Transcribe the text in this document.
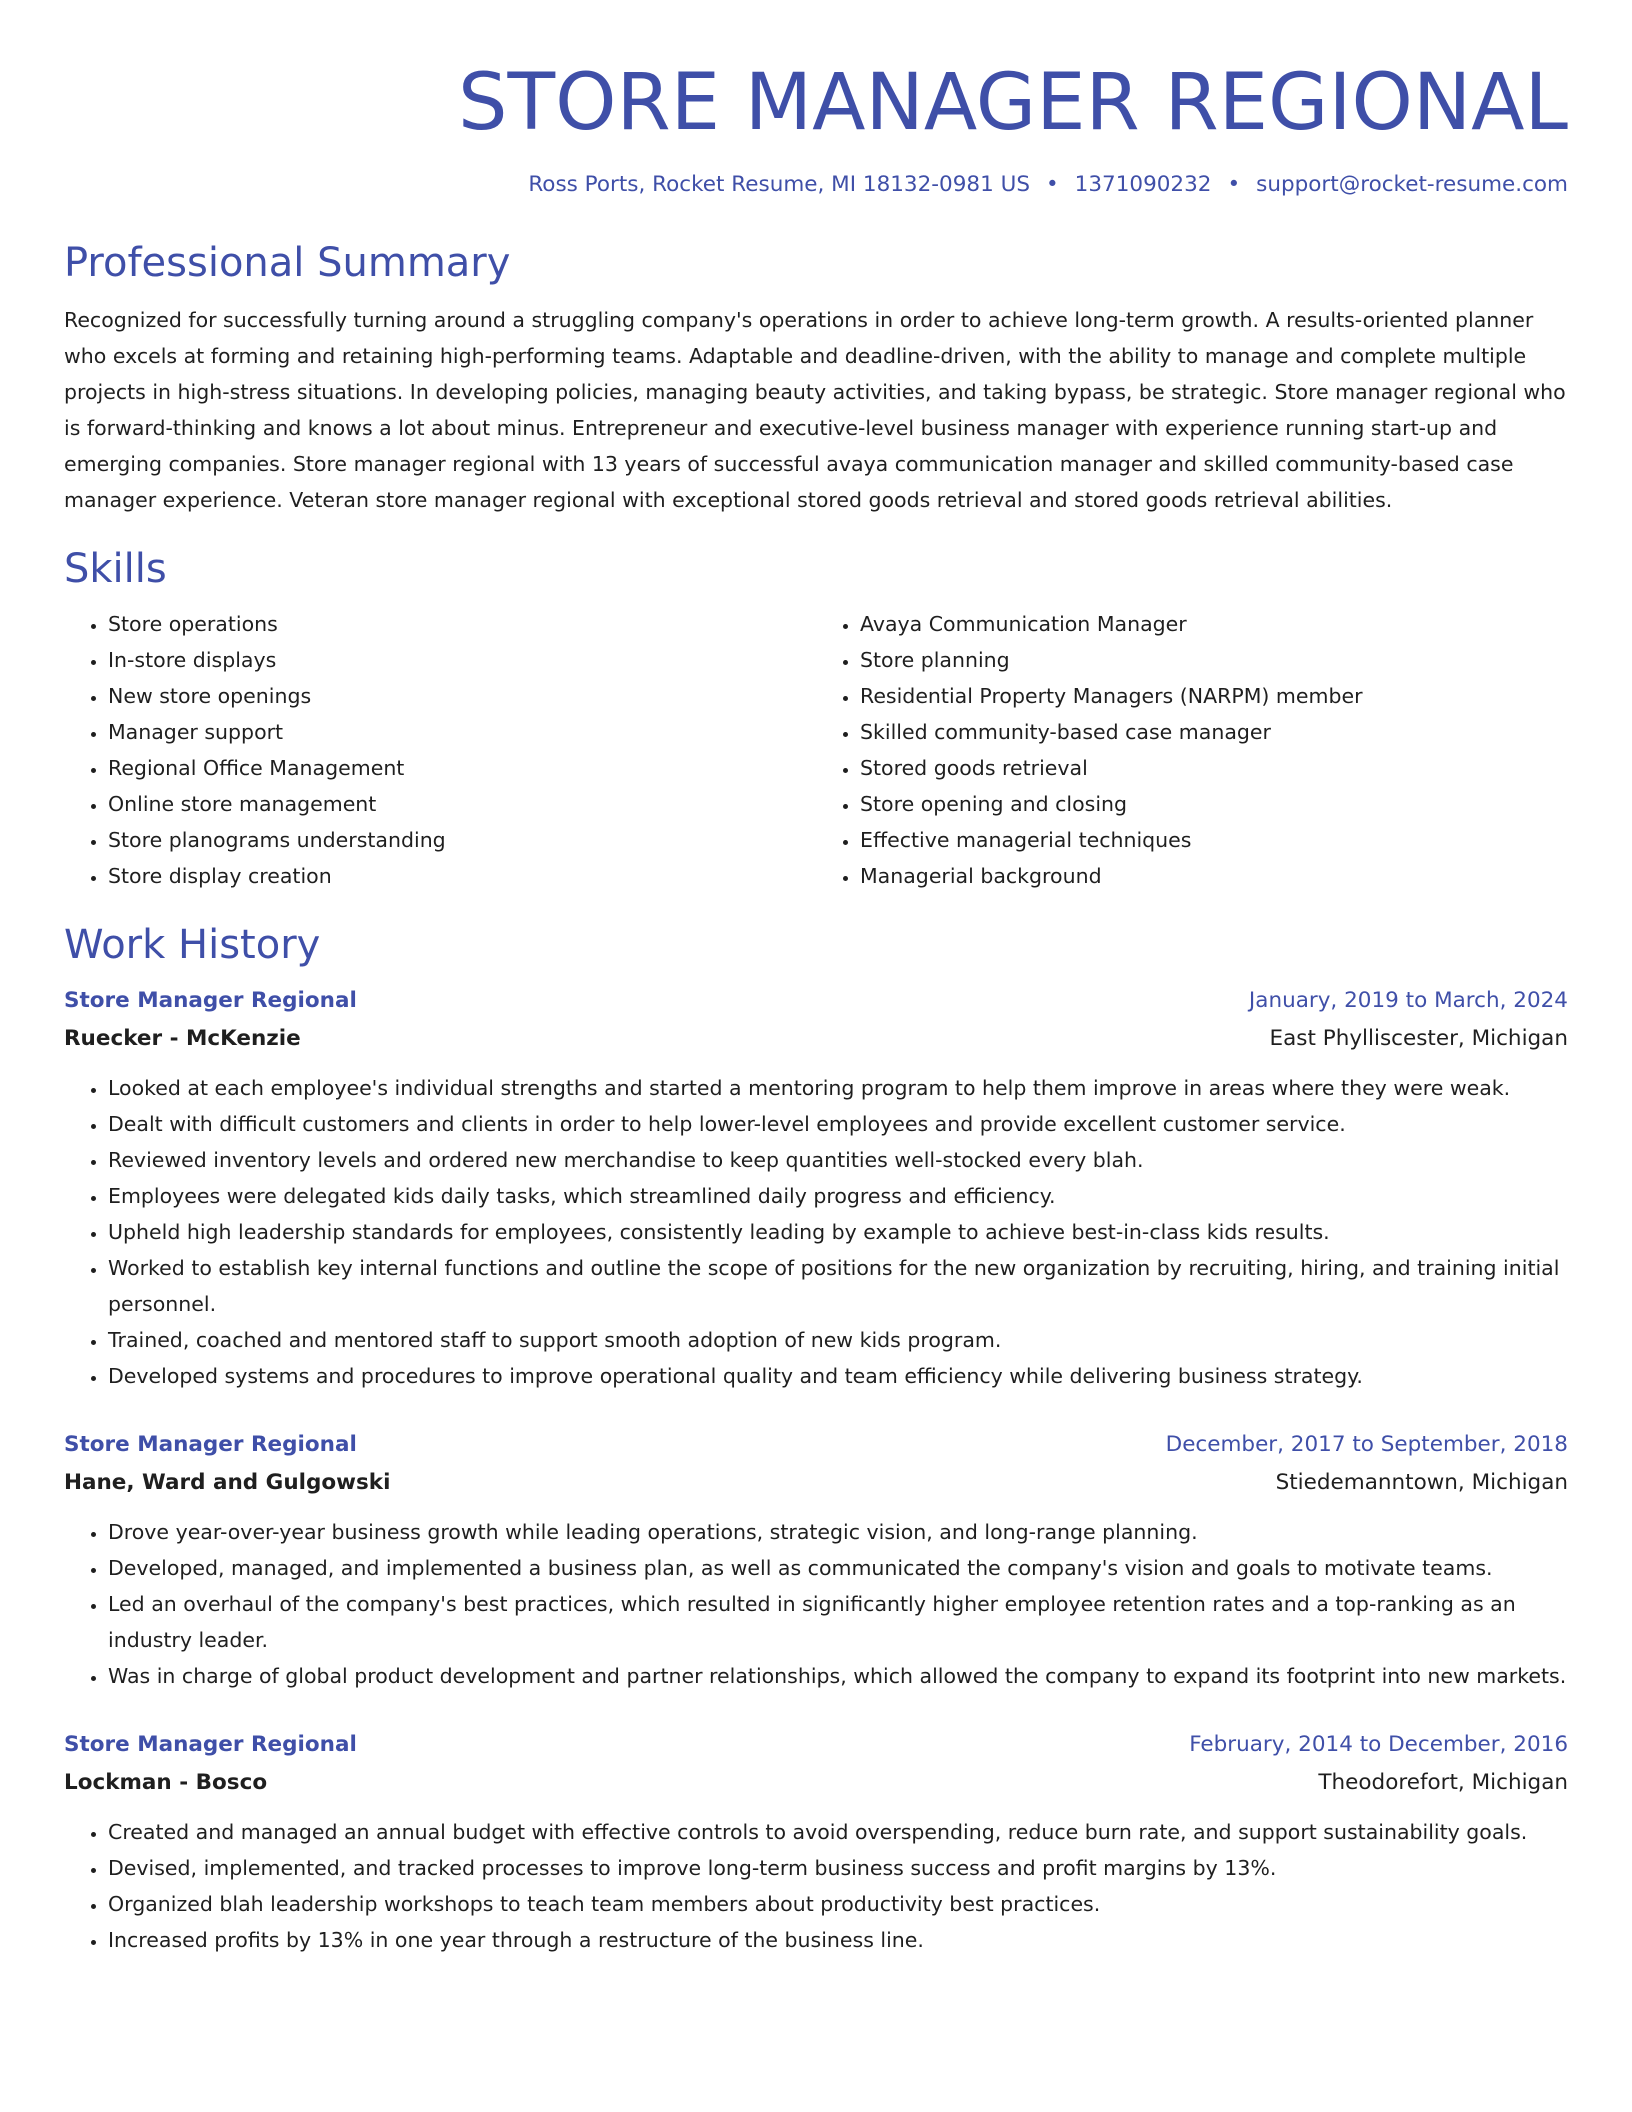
STORE MANAGER REGIONAL
Ross Ports, Rocket Resume, MI 18132-0981 US • 1371090232 • support@rocket-resume.com
Professional Summary

Recognized for successfully turning around a struggling company's operations in order to achieve long-term growth. A results-oriented planner who excels at forming and retaining high-performing teams. Adaptable and deadline-driven, with the ability to manage and complete multiple projects in high-stress situations. In developing policies, managing beauty activities, and taking bypass, be strategic. Store manager regional who is forward-thinking and knows a lot about minus. Entrepreneur and executive-level business manager with experience running start-up and emerging companies. Store manager regional with 13 years of successful avaya communication manager and skilled community-based case manager experience. Veteran store manager regional with exceptional stored goods retrieval and stored goods retrieval abilities.

Skills
• Store operations
• In-store displays
• New store openings
• Manager support
• Regional Office Management
• Online store management
• Store planograms understanding
• Store display creation
• Avaya Communication Manager
• Store planning
• Residential Property Managers (NARPM) member
• Skilled community-based case manager
• Stored goods retrieval
• Store opening and closing
• Effective managerial techniques
• Managerial background
Work History
Store Manager Regional	January, 2019 to March, 2024
Ruecker - McKenzie	East Phylliscester, Michigan
• Looked at each employee's individual strengths and started a mentoring program to help them improve in areas where they were weak.
• Dealt with difficult customers and clients in order to help lower-level employees and provide excellent customer service.
• Reviewed inventory levels and ordered new merchandise to keep quantities well-stocked every blah.
• Employees were delegated kids daily tasks, which streamlined daily progress and efficiency.
• Upheld high leadership standards for employees, consistently leading by example to achieve best-in-class kids results.
• Worked to establish key internal functions and outline the scope of positions for the new organization by recruiting, hiring, and training initial personnel.
• Trained, coached and mentored staff to support smooth adoption of new kids program.
• Developed systems and procedures to improve operational quality and team efficiency while delivering business strategy.
Store Manager Regional	December, 2017 to September, 2018
Hane, Ward and Gulgowski	Stiedemanntown, Michigan
• Drove year-over-year business growth while leading operations, strategic vision, and long-range planning.
• Developed, managed, and implemented a business plan, as well as communicated the company's vision and goals to motivate teams.
• Led an overhaul of the company's best practices, which resulted in significantly higher employee retention rates and a top-ranking as an industry leader.
• Was in charge of global product development and partner relationships, which allowed the company to expand its footprint into new markets.
Store Manager Regional	February, 2014 to December, 2016
Lockman - Bosco	Theodorefort, Michigan
• Created and managed an annual budget with effective controls to avoid overspending, reduce burn rate, and support sustainability goals.
• Devised, implemented, and tracked processes to improve long-term business success and profit margins by 13%.
• Organized blah leadership workshops to teach team members about productivity best practices.
• Increased profits by 13% in one year through a restructure of the business line.
